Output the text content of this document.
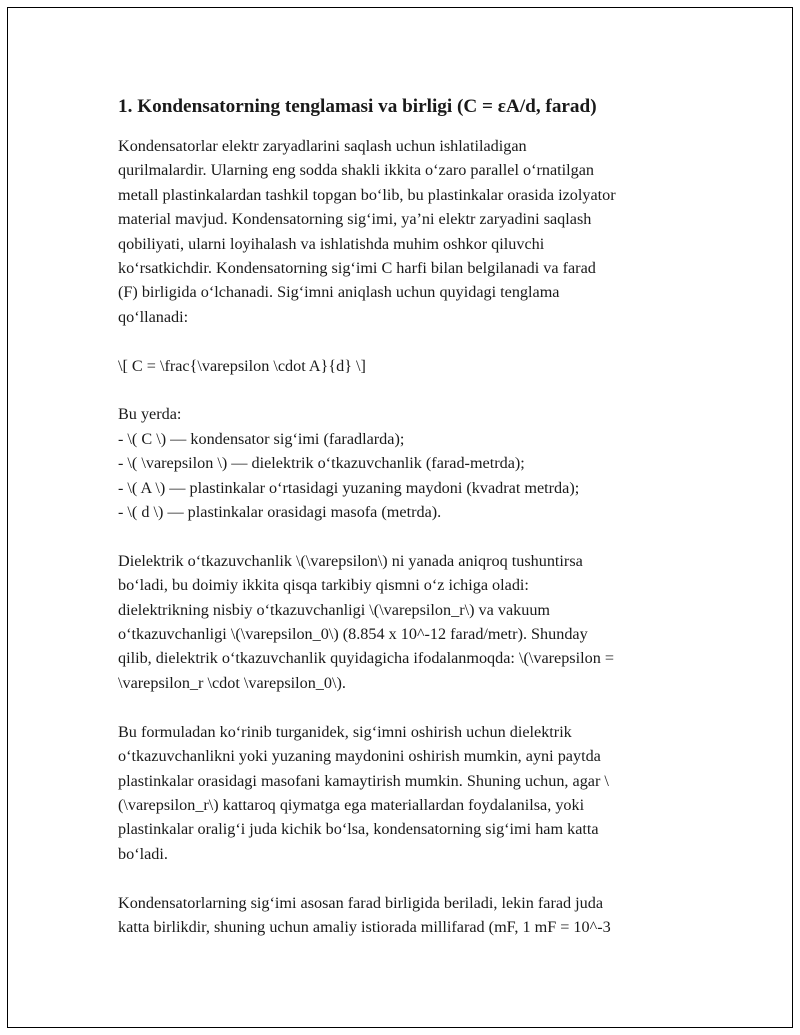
1. Kondensatorning tenglamasi va birligi (C = εA/d, farad)
Kondensatorlar elektr zaryadlarini saqlash uchun ishlatiladigan
qurilmalardir. Ularning eng sodda shakli ikkita o‘zaro parallel o‘rnatilgan
metall plastinkalardan tashkil topgan bo‘lib, bu plastinkalar orasida izolyator
material mavjud. Kondensatorning sig‘imi, ya’ni elektr zaryadini saqlash
qobiliyati, ularni loyihalash va ishlatishda muhim oshkor qiluvchi
ko‘rsatkichdir. Kondensatorning sig‘imi C harfi bilan belgilanadi va farad
(F) birligida o‘lchanadi. Sig‘imni aniqlash uchun quyidagi tenglama
qo‘llanadi:
\[ C = \frac{\varepsilon \cdot A}{d} \]
Bu yerda:
- \( C \) — kondensator sig‘imi (faradlarda);
- \( \varepsilon \) — dielektrik o‘tkazuvchanlik (farad-metrda);
- \( A \) — plastinkalar o‘rtasidagi yuzaning maydoni (kvadrat metrda);
- \( d \) — plastinkalar orasidagi masofa (metrda).
Dielektrik o‘tkazuvchanlik \(\varepsilon\) ni yanada aniqroq tushuntirsa
bo‘ladi, bu doimiy ikkita qisqa tarkibiy qismni o‘z ichiga oladi:
dielektrikning nisbiy o‘tkazuvchanligi \(\varepsilon_r\) va vakuum
o‘tkazuvchanligi \(\varepsilon_0\) (8.854 x 10^-12 farad/metr). Shunday
qilib, dielektrik o‘tkazuvchanlik quyidagicha ifodalanmoqda: \(\varepsilon =
\varepsilon_r \cdot \varepsilon_0\).
Bu formuladan ko‘rinib turganidek, sig‘imni oshirish uchun dielektrik
o‘tkazuvchanlikni yoki yuzaning maydonini oshirish mumkin, ayni paytda
plastinkalar orasidagi masofani kamaytirish mumkin. Shuning uchun, agar \
(\varepsilon_r\) kattaroq qiymatga ega materiallardan foydalanilsa, yoki
plastinkalar oralig‘i juda kichik bo‘lsa, kondensatorning sig‘imi ham katta
bo‘ladi.
Kondensatorlarning sig‘imi asosan farad birligida beriladi, lekin farad juda
katta birlikdir, shuning uchun amaliy istiorada millifarad (mF, 1 mF = 10^-3
